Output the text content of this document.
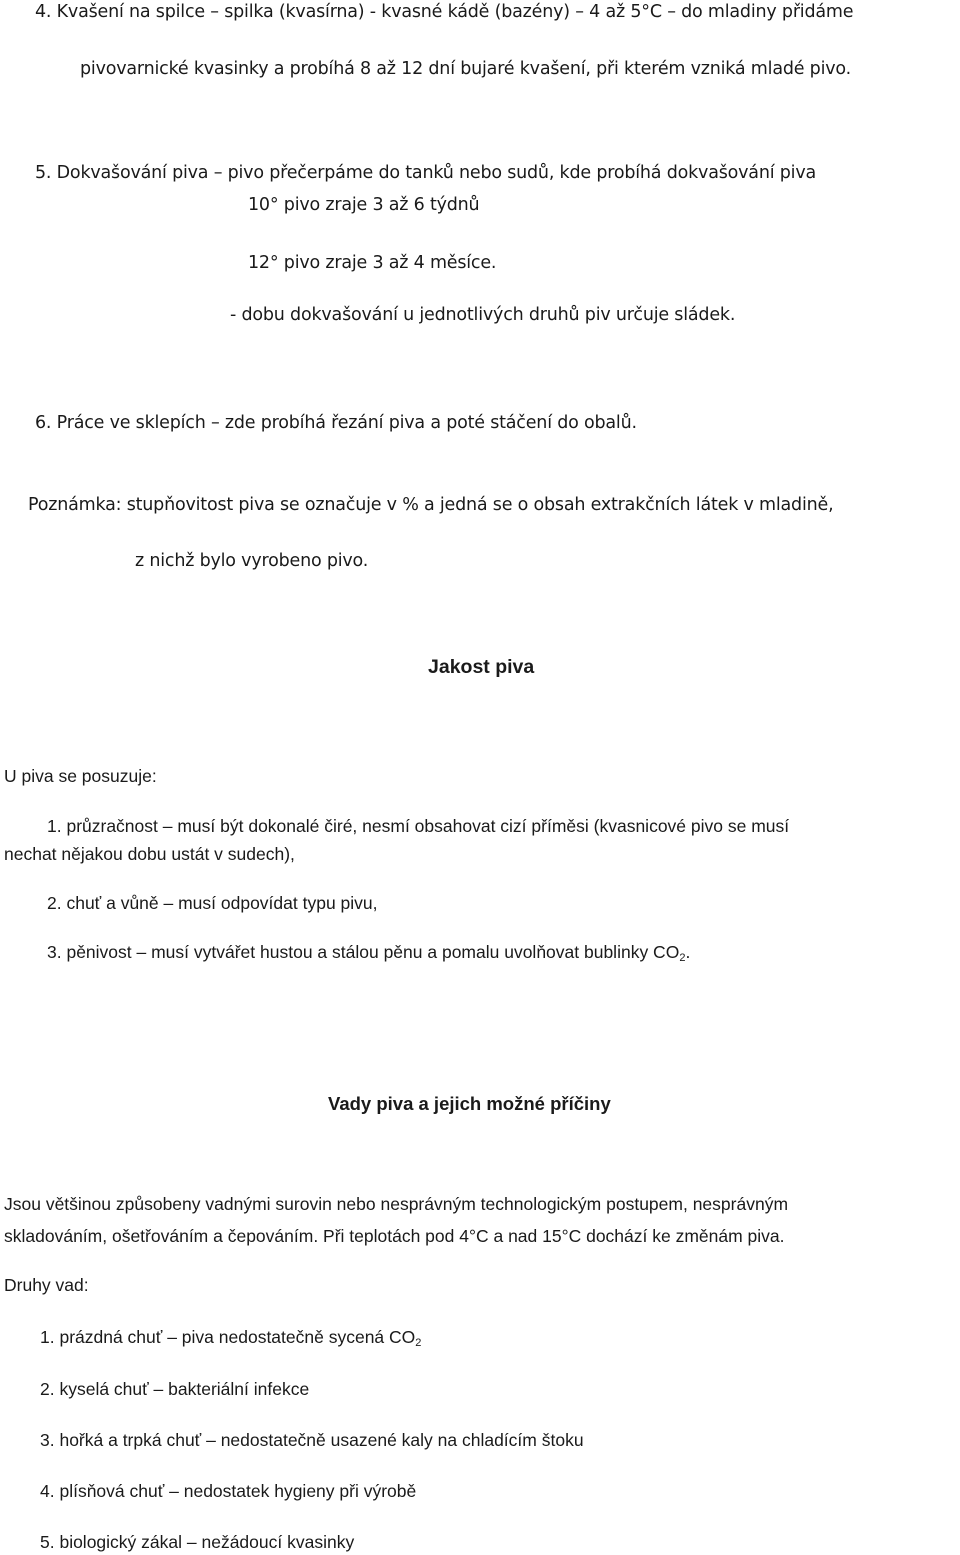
4. Kvašení na spilce – spilka (kvasírna) - kvasné kádě (bazény) – 4 až 5°C – do mladiny přidáme
pivovarnické kvasinky a probíhá 8 až 12 dní bujaré kvašení, při kterém vzniká mladé pivo.
5. Dokvašování piva – pivo přečerpáme do tanků nebo sudů, kde probíhá dokvašování piva
10° pivo zraje 3 až 6 týdnů
12° pivo zraje 3 až 4 měsíce.
- dobu dokvašování u jednotlivých druhů piv určuje sládek.
6. Práce ve sklepích – zde probíhá řezání piva a poté stáčení do obalů.
Poznámka: stupňovitost piva se označuje v % a jedná se o obsah extrakčních látek v mladině,
z nichž bylo vyrobeno pivo.
Jakost piva
U piva se posuzuje:
1. průzračnost – musí být dokonalé čiré, nesmí obsahovat cizí příměsi (kvasnicové pivo se musí
nechat nějakou dobu ustát v sudech),
2. chuť a vůně – musí odpovídat typu pivu,
3. pěnivost – musí vytvářet hustou a stálou pěnu a pomalu uvolňovat bublinky $CO_2$.
Vady piva a jejich možné příčiny
Jsou většinou způsobeny vadnými surovin nebo nesprávným technologickým postupem, nesprávným
skladováním, ošetřováním a čepováním. Při teplotách pod 4°C a nad 15°C dochází ke změnám piva.
Druhy vad:
1. prázdná chuť – piva nedostatečně sycená $CO_2$
2. kyselá chuť – bakteriální infekce
3. hořká a trpká chuť – nedostatečně usazené kaly na chladícím štoku
4. plísňová chuť – nedostatek hygieny při výrobě
5. biologický zákal – nežádoucí kvasinky
